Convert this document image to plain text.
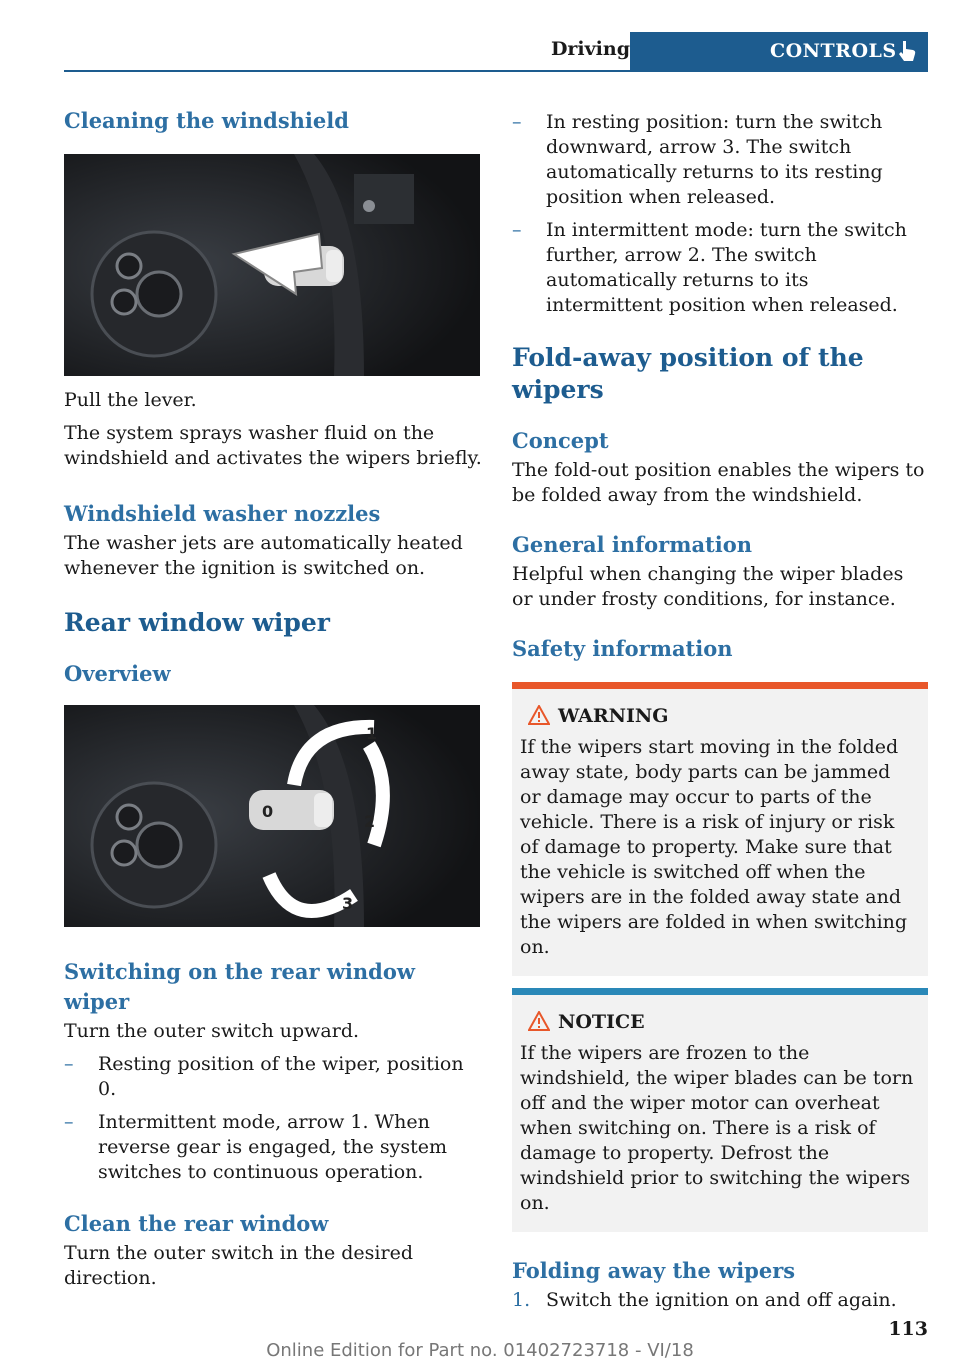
Driving	CONTROLS
Cleaning the windshield

Pull the lever.

The system sprays washer fluid on the windshield and activates the wipers briefly.

Windshield washer nozzles

The washer jets are automatically heated whenever the ignition is switched on.

Rear window wiper
Overview
0
1
2
3
Switching on the rear window wiper

Turn the outer switch upward.

– Resting position of the wiper, position 0.
– Intermittent mode, arrow 1. When reverse gear is engaged, the system switches to continuous operation.
Clean the rear window

Turn the outer switch in the desired direction.

– In resting position: turn the switch downward, arrow 3. The switch automatically returns to its resting position when released.
– In intermittent mode: turn the switch further, arrow 2. The switch automatically returns to its intermittent position when released.
Fold-away position of the wipers
Concept

The fold-out position enables the wipers to be folded away from the windshield.

General information

Helpful when changing the wiper blades or under frosty conditions, for instance.

Safety information
WARNING

If the wipers start moving in the folded away state, body parts can be jammed or damage may occur to parts of the vehicle. There is a risk of injury or risk of damage to property. Make sure that the vehicle is switched off when the wipers are in the folded away state and the wipers are folded in when switching on.

NOTICE

If the wipers are frozen to the windshield, the wiper blades can be torn off and the wiper motor can overheat when switching on. There is a risk of damage to property. Defrost the windshield prior to switching the wipers on.

Folding away the wipers
1. Switch the ignition on and off again.
113
Online Edition for Part no. 01402723718 - VI/18
